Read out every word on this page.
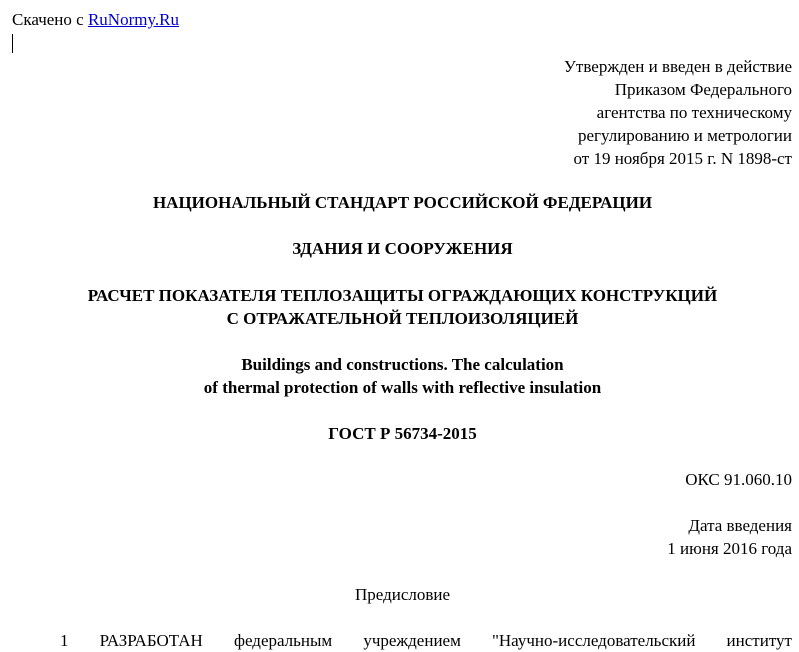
Скачено с RuNormy.Ru
Утвержден и введен в действие
Приказом Федерального
агентства по техническому
регулированию и метрологии
от 19 ноября 2015 г. N 1898-ст
НАЦИОНАЛЬНЫЙ СТАНДАРТ РОССИЙСКОЙ ФЕДЕРАЦИИ
ЗДАНИЯ И СООРУЖЕНИЯ
РАСЧЕТ ПОКАЗАТЕЛЯ ТЕПЛОЗАЩИТЫ ОГРАЖДАЮЩИХ КОНСТРУКЦИЙ
С ОТРАЖАТЕЛЬНОЙ ТЕПЛОИЗОЛЯЦИЕЙ
Buildings and constructions. The calculation
of thermal protection of walls with reflective insulation
ГОСТ Р 56734-2015
ОКС 91.060.10
Дата введения
1 июня 2016 года
Предисловие
1 РАЗРАБОТАН федеральным учреждением "Научно-исследовательский институт
